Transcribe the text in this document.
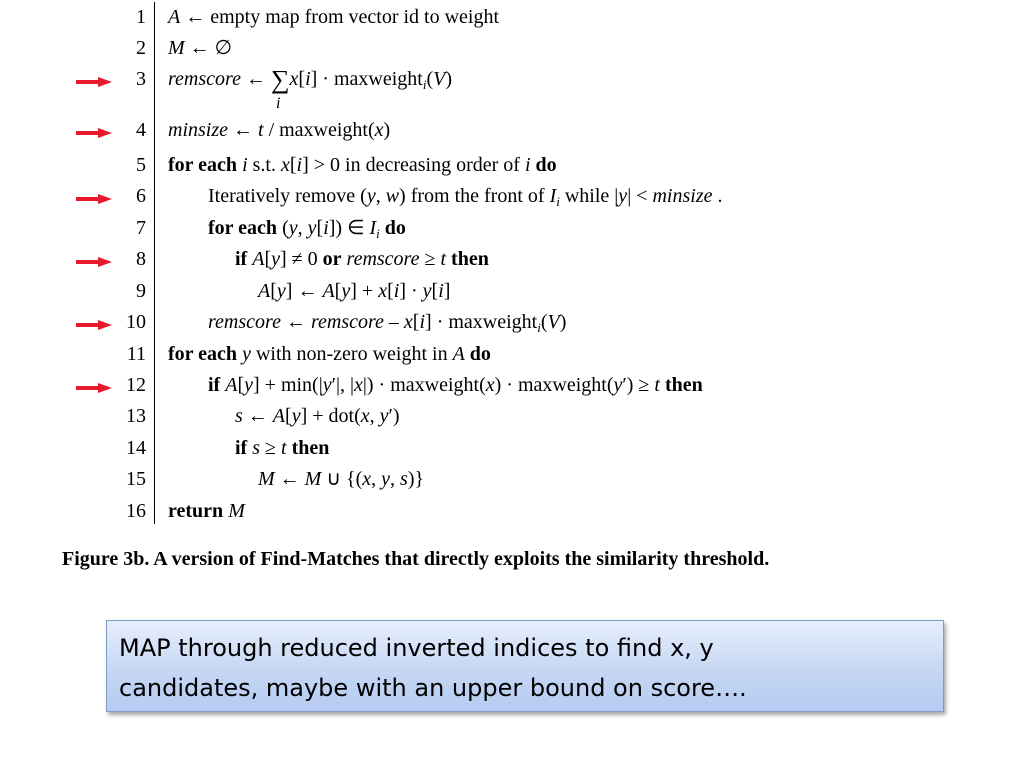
1 A ← empty map from vector id to weight
2 M ← ∅
3 remscore ← ∑
i
x[i] · maxweight$_i$(V)
4 minsize ← t / maxweight(x)
5 for each i s.t. x[i] > 0 in decreasing order of i do
6	Iteratively remove (y, w) from the front of $I_i$ while |y| < minsize .
7	for each (y, y[i]) ∈ $I_i$ do
8	if A[y] ≠ 0 or remscore ≥ t then
9	A[y] ← A[y] + x[i] · y[i]
10	remscore ← remscore – x[i] · maxweight$_i$(V)
11 for each y with non-zero weight in A do
12	if A[y] + min(|y′|, |x|) · maxweight(x) · maxweight(y′) ≥ t then
13	s ← A[y] + dot(x, y′)
14	if s ≥ t then
15	M ← M ∪ {(x, y, s)}
16 return M
Figure 3b. A version of Find-Matches that directly exploits the similarity threshold.
MAP through reduced inverted indices to find x, y
candidates, maybe with an upper bound on score….
